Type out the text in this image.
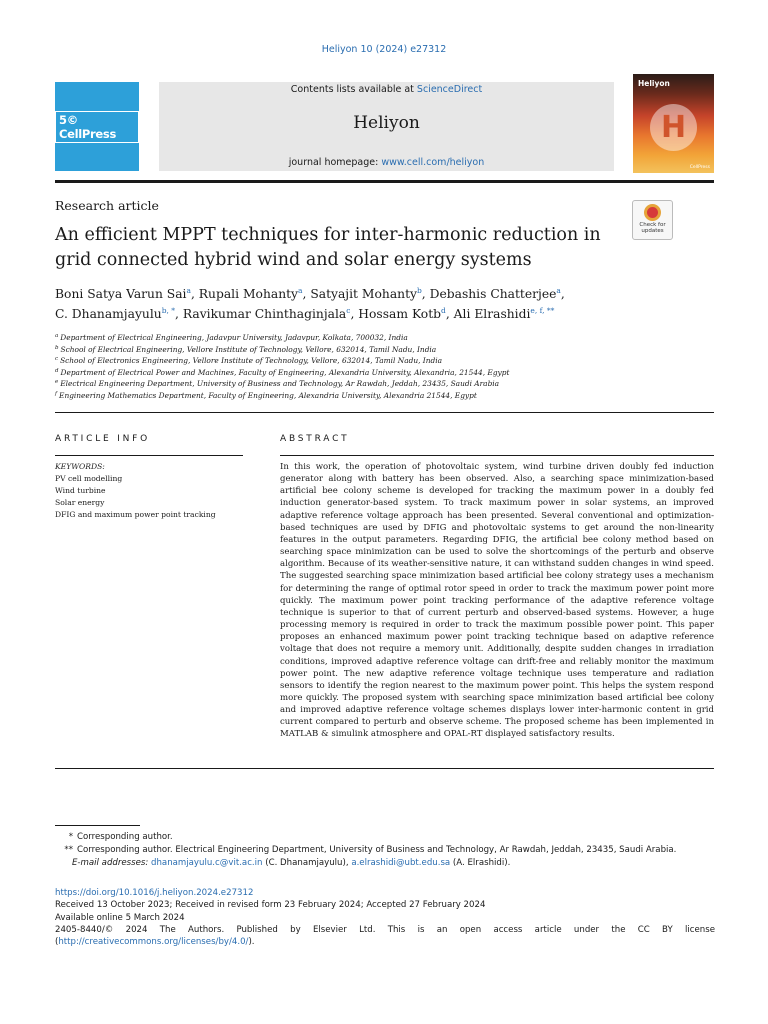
Heliyon 10 (2024) e27312
5© CellPress
Contents lists available at ScienceDirect
Heliyon
journal homepage: www.cell.com/heliyon
Heliyon
H
CellPress
Research article
An efficient MPPT techniques for inter-harmonic reduction in grid connected hybrid wind and solar energy systems
Check for updates
Boni Satya Varun Sai$^a$, Rupali Mohanty$^a$, Satyajit Mohanty$^b$, Debashis Chatterjee$^a$,
C. Dhanamjayulu$^{b, *}$, Ravikumar Chinthaginjala$^c$, Hossam Kotb$^d$, Ali Elrashidi$^{e, f, **}$
$^a$ Department of Electrical Engineering, Jadavpur University, Jadavpur, Kolkata, 700032, India
$^b$ School of Electrical Engineering, Vellore Institute of Technology, Vellore, 632014, Tamil Nadu, India
$^c$ School of Electronics Engineering, Vellore Institute of Technology, Vellore, 632014, Tamil Nadu, India
$^d$ Department of Electrical Power and Machines, Faculty of Engineering, Alexandria University, Alexandria, 21544, Egypt
$^e$ Electrical Engineering Department, University of Business and Technology, Ar Rawdah, Jeddah, 23435, Saudi Arabia
$^f$ Engineering Mathematics Department, Faculty of Engineering, Alexandria University, Alexandria 21544, Egypt
ARTICLE INFO	ABSTRACT
KEYWORDS:
PV cell modelling
Wind turbine
Solar energy
DFIG and maximum power point tracking
In this work, the operation of photovoltaic system, wind turbine driven doubly fed induction generator along with battery has been observed. Also, a searching space minimization-based artificial bee colony scheme is developed for tracking the maximum power in a doubly fed induction generator-based system. To track maximum power in solar systems, an improved adaptive reference voltage approach has been presented. Several conventional and optimization-based techniques are used by DFIG and photovoltaic systems to get around the non-linearity features in the output parameters. Regarding DFIG, the artificial bee colony method based on searching space minimization can be used to solve the shortcomings of the perturb and observe algorithm. Because of its weather-sensitive nature, it can withstand sudden changes in wind speed. The suggested searching space minimization based artificial bee colony strategy uses a mechanism for determining the range of optimal rotor speed in order to track the maximum power point more quickly. The maximum power point tracking performance of the adaptive reference voltage technique is superior to that of current perturb and observed-based systems. However, a huge processing memory is required in order to track the maximum possible power point. This paper proposes an enhanced maximum power point tracking technique based on adaptive reference voltage that does not require a memory unit. Additionally, despite sudden changes in irradiation conditions, improved adaptive reference voltage can drift-free and reliably monitor the maximum power point. The new adaptive reference voltage technique uses temperature and radiation sensors to identify the region nearest to the maximum power point. This helps the system respond more quickly. The proposed system with searching space minimization based artificial bee colony and improved adaptive reference voltage schemes displays lower inter-harmonic content in grid current compared to perturb and observe scheme. The proposed scheme has been implemented in MATLAB & simulink atmosphere and OPAL-RT displayed satisfactory results.
* Corresponding author.
** Corresponding author. Electrical Engineering Department, University of Business and Technology, Ar Rawdah, Jeddah, 23435, Saudi Arabia.
E-mail addresses: dhanamjayulu.c@vit.ac.in (C. Dhanamjayulu), a.elrashidi@ubt.edu.sa (A. Elrashidi).
https://doi.org/10.1016/j.heliyon.2024.e27312
Received 13 October 2023; Received in revised form 23 February 2024; Accepted 27 February 2024
Available online 5 March 2024
2405-8440/© 2024 The Authors. Published by Elsevier Ltd. This is an open access article under the CC BY license
(http://creativecommons.org/licenses/by/4.0/).
